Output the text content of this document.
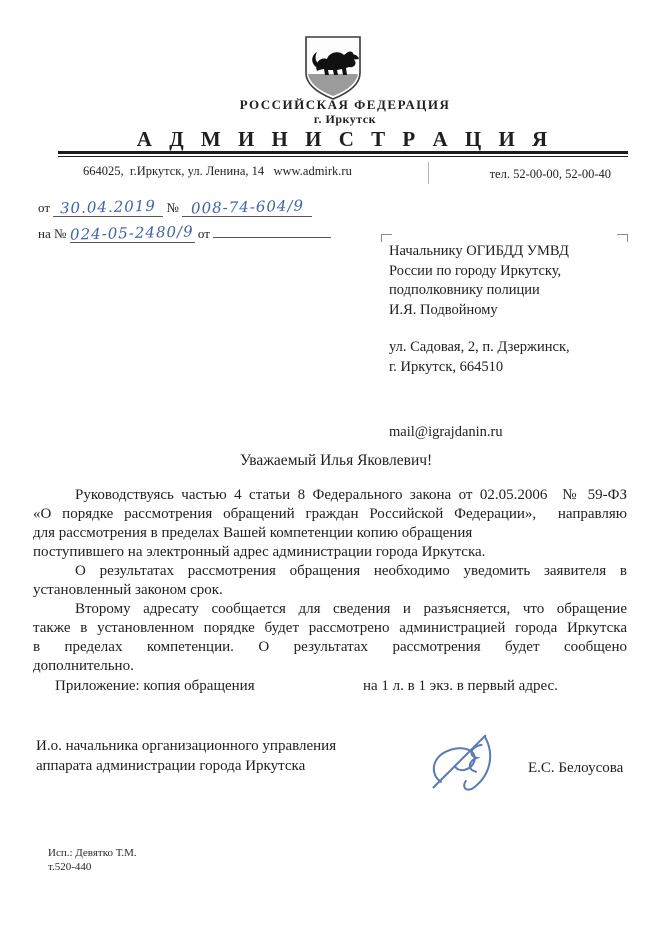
РОССИЙСКАЯ ФЕДЕРАЦИЯ
г. Иркутск
А Д М И Н И С Т Р А Ц И Я
664025,  г.Иркутск, ул. Ленина, 14   www.admirk.ru	тел. 52-00-00, 52-00-40
от 30.04.2019 № 008-74-604/9
на № 024-05-2480/9 от
Начальнику ОГИБДД УМВД
России по городу Иркутску,
подполковнику полиции
И.Я. Подвойному
ул. Садовая, 2, п. Дзержинск,
г. Иркутск, 664510
mail@igrajdanin.ru
Уважаемый Илья Яковлевич!
Руководствуясь частью 4 статьи 8 Федерального закона от 02.05.2006  № 59-ФЗ
«О порядке рассмотрения обращений граждан Российской Федерации»,  направляю
для рассмотрения в пределах Вашей компетенции копию обращения
поступившего на электронный адрес администрации города Иркутска.
О результатах рассмотрения обращения необходимо уведомить заявителя в
установленный законом срок.
Второму адресату сообщается для сведения и разъясняется, что обращение
также в установленном порядке будет рассмотрено администрацией города Иркутска
в пределах компетенции. О результатах рассмотрения будет сообщено
дополнительно.
Приложение: копия обращения	на 1 л. в 1 экз. в первый адрес.
И.о. начальника организационного управления
аппарата администрации города Иркутска	Е.С. Белоусова
Исп.: Девятко Т.М.
т.520-440
